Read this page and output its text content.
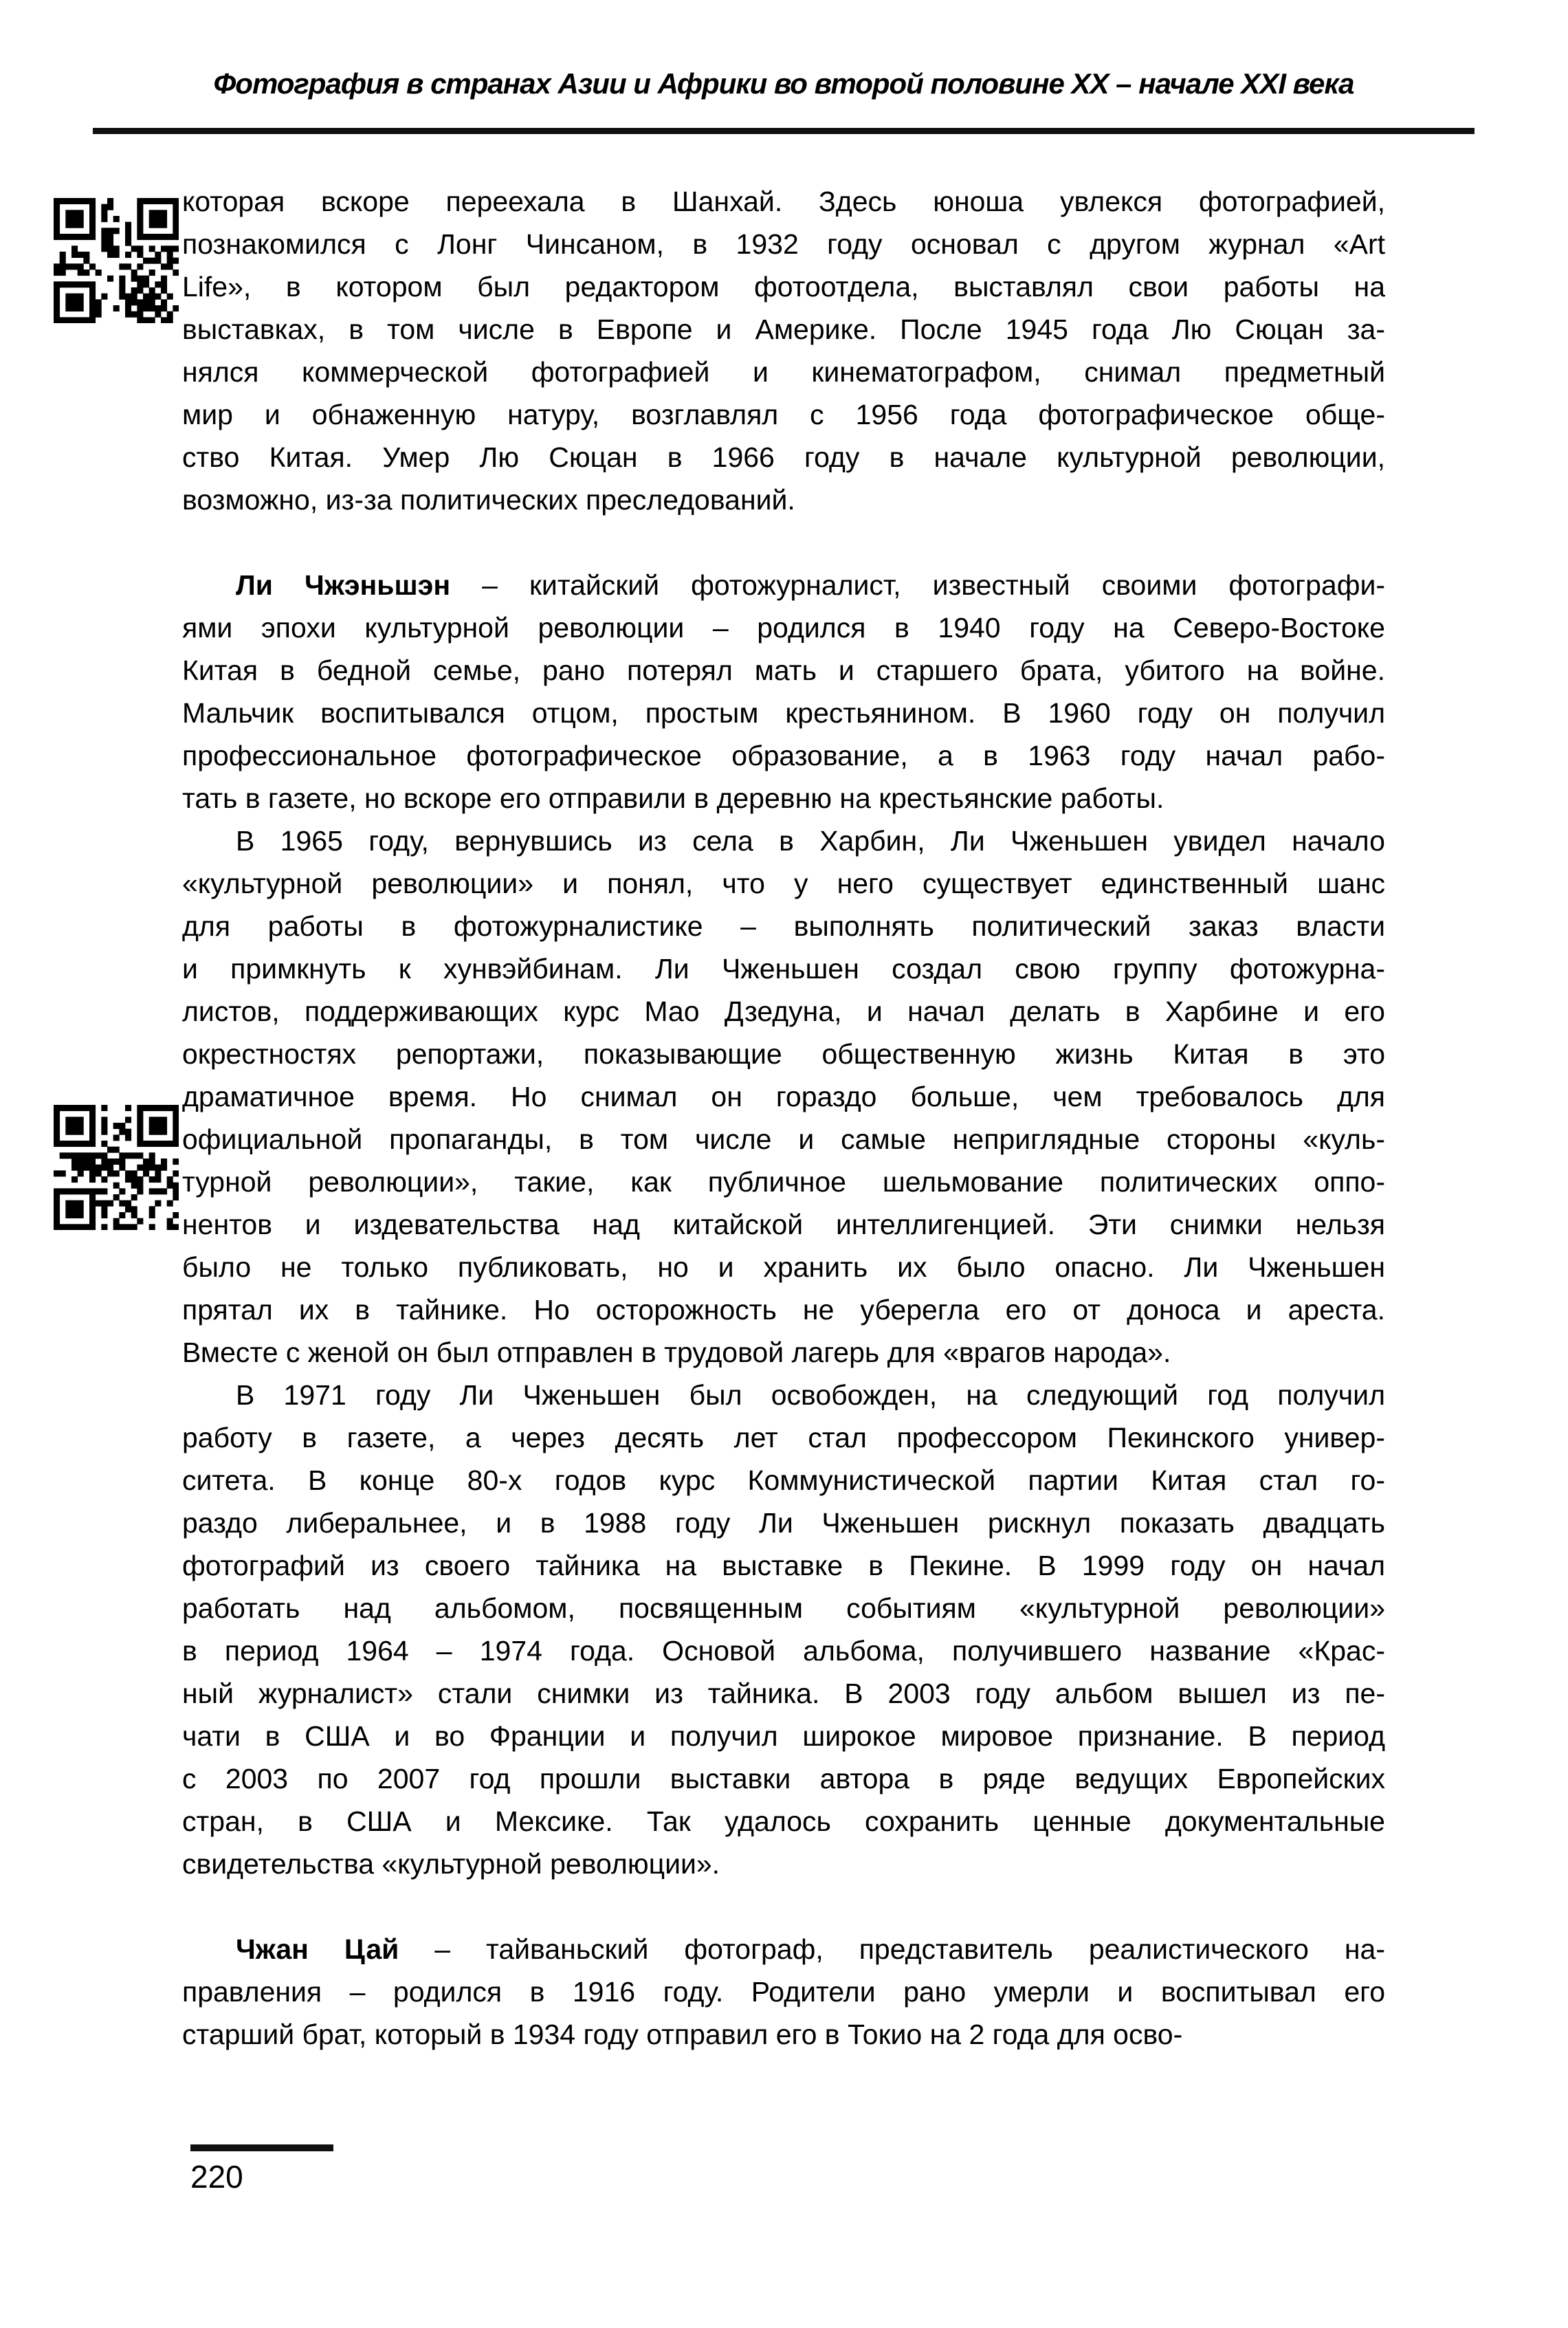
Фотография в странах Азии и Африки во второй половине XX – начале XXI века

которая вскоре переехала в Шанхай. Здесь юноша увлекся фотографией,
познакомился с Лонг Чинсаном, в 1932 году основал с другом журнал «Art
Life», в котором был редактором фотоотдела, выставлял свои работы на
выставках, в том числе в Европе и Америке. После 1945 года Лю Сюцан за-
нялся коммерческой фотографией и кинематографом, снимал предметный
мир и обнаженную натуру, возглавлял с 1956 года фотографическое обще-
ство Китая. Умер Лю Сюцан в 1966 году в начале культурной революции,
возможно, из-за политических преследований.

Ли Чжэньшэн – китайский фотожурналист, известный своими фотографи-
ями эпохи культурной революции – родился в 1940 году на Северо-Востоке
Китая в бедной семье, рано потерял мать и старшего брата, убитого на войне.
Мальчик воспитывался отцом, простым крестьянином. В 1960 году он получил
профессиональное фотографическое образование, а в 1963 году начал рабо-
тать в газете, но вскоре его отправили в деревню на крестьянские работы.

В 1965 году, вернувшись из села в Харбин, Ли Чженьшен увидел начало
«культурной революции» и понял, что у него существует единственный шанс
для работы в фотожурналистике – выполнять политический заказ власти
и примкнуть к хунвэйбинам. Ли Чженьшен создал свою группу фотожурна-
листов, поддерживающих курс Мао Дзедуна, и начал делать в Харбине и его
окрестностях репортажи, показывающие общественную жизнь Китая в это
драматичное время. Но снимал он гораздо больше, чем требовалось для
официальной пропаганды, в том числе и самые неприглядные стороны «куль-
турной революции», такие, как публичное шельмование политических оппо-
нентов и издевательства над китайской интеллигенцией. Эти снимки нельзя
было не только публиковать, но и хранить их было опасно. Ли Чженьшен
прятал их в тайнике. Но осторожность не уберегла его от доноса и ареста.
Вместе с женой он был отправлен в трудовой лагерь для «врагов народа».

В 1971 году Ли Чженьшен был освобожден, на следующий год получил
работу в газете, а через десять лет стал профессором Пекинского универ-
ситета. В конце 80-х годов курс Коммунистической партии Китая стал го-
раздо либеральнее, и в 1988 году Ли Чженьшен рискнул показать двадцать
фотографий из своего тайника на выставке в Пекине. В 1999 году он начал
работать над альбомом, посвященным событиям «культурной революции»
в период 1964 – 1974 года. Основой альбома, получившего название «Крас-
ный журналист» стали снимки из тайника. В 2003 году альбом вышел из пе-
чати в США и во Франции и получил широкое мировое признание. В период
с 2003 по 2007 год прошли выставки автора в ряде ведущих Европейских
стран, в США и Мексике. Так удалось сохранить ценные документальные
свидетельства «культурной революции».

Чжан Цай – тайваньский фотограф, представитель реалистического на-
правления – родился в 1916 году. Родители рано умерли и воспитывал его
старший брат, который в 1934 году отправил его в Токио на 2 года для осво-

220
